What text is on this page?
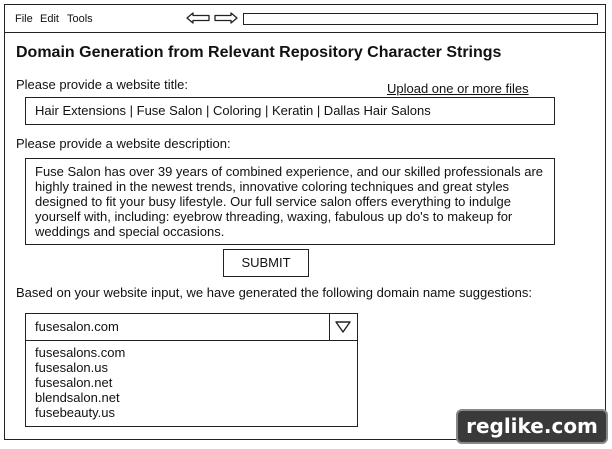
File Edit Tools
Domain Generation from Relevant Repository Character Strings
Please provide a website title:	Upload one or more files
Hair Extensions | Fuse Salon | Coloring | Keratin | Dallas Hair Salons
Please provide a website description:
Fuse Salon has over 39 years of combined experience, and our skilled professionals are highly trained in the newest trends, innovative coloring techniques and great styles designed to fit your busy lifestyle. Our full service salon offers everything to indulge yourself with, including: eyebrow threading, waxing, fabulous up do's to makeup for weddings and special occasions.
SUBMIT
Based on your website input, we have generated the following domain name suggestions:
fusesalon.com
fusesalons.com
fusesalon.us
fusesalon.net
blendsalon.net
fusebeauty.us
reglike.com
